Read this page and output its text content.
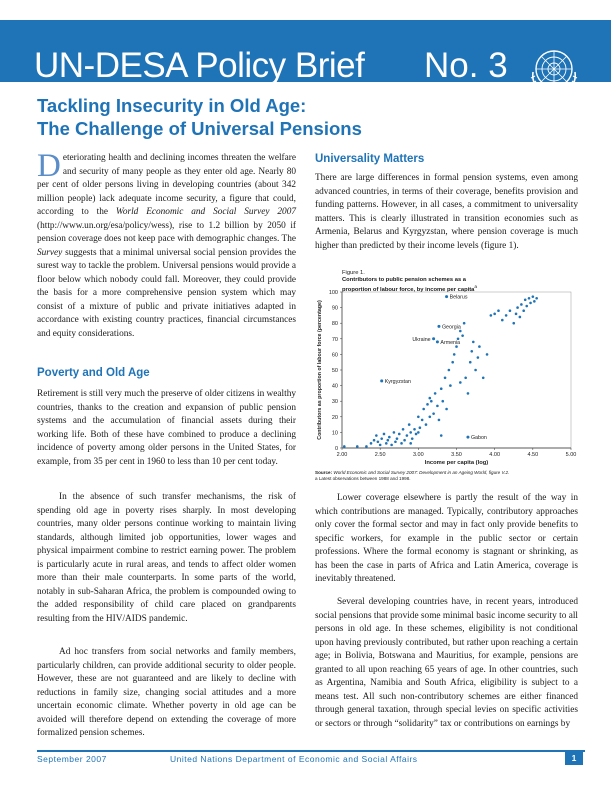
UN-DESA Policy Brief No. 3
Tackling Insecurity in Old Age:
The Challenge of Universal Pensions

Deteriorating health and declining incomes threaten the welfare and security of many people as they enter old age. Nearly 80 per cent of older persons living in developing countries (about 342 million people) lack adequate income security, a figure that could, according to the World Economic and Social Survey 2007 (http://www.un.org/esa/policy/wess), rise to 1.2 billion by 2050 if pension coverage does not keep pace with demographic changes. The Survey suggests that a minimal universal social pension provides the surest way to tackle the problem. Universal pensions would provide a floor below which nobody could fall. Moreover, they could provide the basis for a more comprehensive pension system which may consist of a mixture of public and private initiatives adapted in accordance with existing country practices, financial circumstances and equity considerations.

Poverty and Old Age

Retirement is still very much the preserve of older citizens in wealthy countries, thanks to the creation and expansion of public pension systems and the accumulation of financial assets during their working life. Both of these have combined to produce a declining incidence of poverty among older persons in the United States, for example, from 35 per cent in 1960 to less than 10 per cent today.

In the absence of such transfer mechanisms, the risk of spending old age in poverty rises sharply. In most developing countries, many older persons continue working to maintain living standards, although limited job opportunities, lower wages and physical impairment combine to restrict earning power. The problem is particularly acute in rural areas, and tends to affect older women more than their male counterparts. In some parts of the world, notably in sub-Saharan Africa, the problem is compounded owing to the added responsibility of child care placed on grandparents resulting from the HIV/AIDS pandemic.

Ad hoc transfers from social networks and family members, particularly children, can provide additional security to older people. However, these are not guaranteed and are likely to decline with reductions in family size, changing social attitudes and a more uncertain economic climate. Whether poverty in old age can be avoided will therefore depend on extending the coverage of more formalized pension schemes.

Universality Matters

There are large differences in formal pension systems, even among advanced countries, in terms of their coverage, benefits provision and funding patterns. However, in all cases, a commitment to universality matters. This is clearly illustrated in transition economies such as Armenia, Belarus and Kyrgyzstan, where pension coverage is much higher than predicted by their income levels (figure 1).

Figure 1.
Contributors to public pension schemes as a
proportion of labour force, by income per capita$^a$
2.00	2.50	3.00	3.50	4.00	4.50	5.00
0
10
20
30
40
50
60
70
80
90
100
Income per capita (log)
Contributors as proportion of labour force (percentage)
Belarus
Georgia
Ukraine
Armenia
Kyrgyzstan
Gabon
Source: World Economic and Social Survey 2007: Development in an Ageing World, figure V.2.
a Latest observations between 1988 and 1998.

Lower coverage elsewhere is partly the result of the way in which contributions are managed. Typically, contributory approaches only cover the formal sector and may in fact only provide benefits to specific workers, for example in the public sector or certain professions. Where the formal economy is stagnant or shrinking, as has been the case in parts of Africa and Latin America, coverage is inevitably threatened.

Several developing countries have, in recent years, introduced social pensions that provide some minimal basic income security to all persons in old age. In these schemes, eligibility is not conditional upon having previously contributed, but rather upon reaching a certain age; in Bolivia, Botswana and Mauritius, for example, pensions are granted to all upon reaching 65 years of age. In other countries, such as Argentina, Namibia and South Africa, eligibility is subject to a means test. All such non-contributory schemes are either financed through general taxation, through special levies on specific activities or sectors or through “solidarity” tax or contributions on earnings by

September 2007	United Nations Department of Economic and Social Affairs	1
